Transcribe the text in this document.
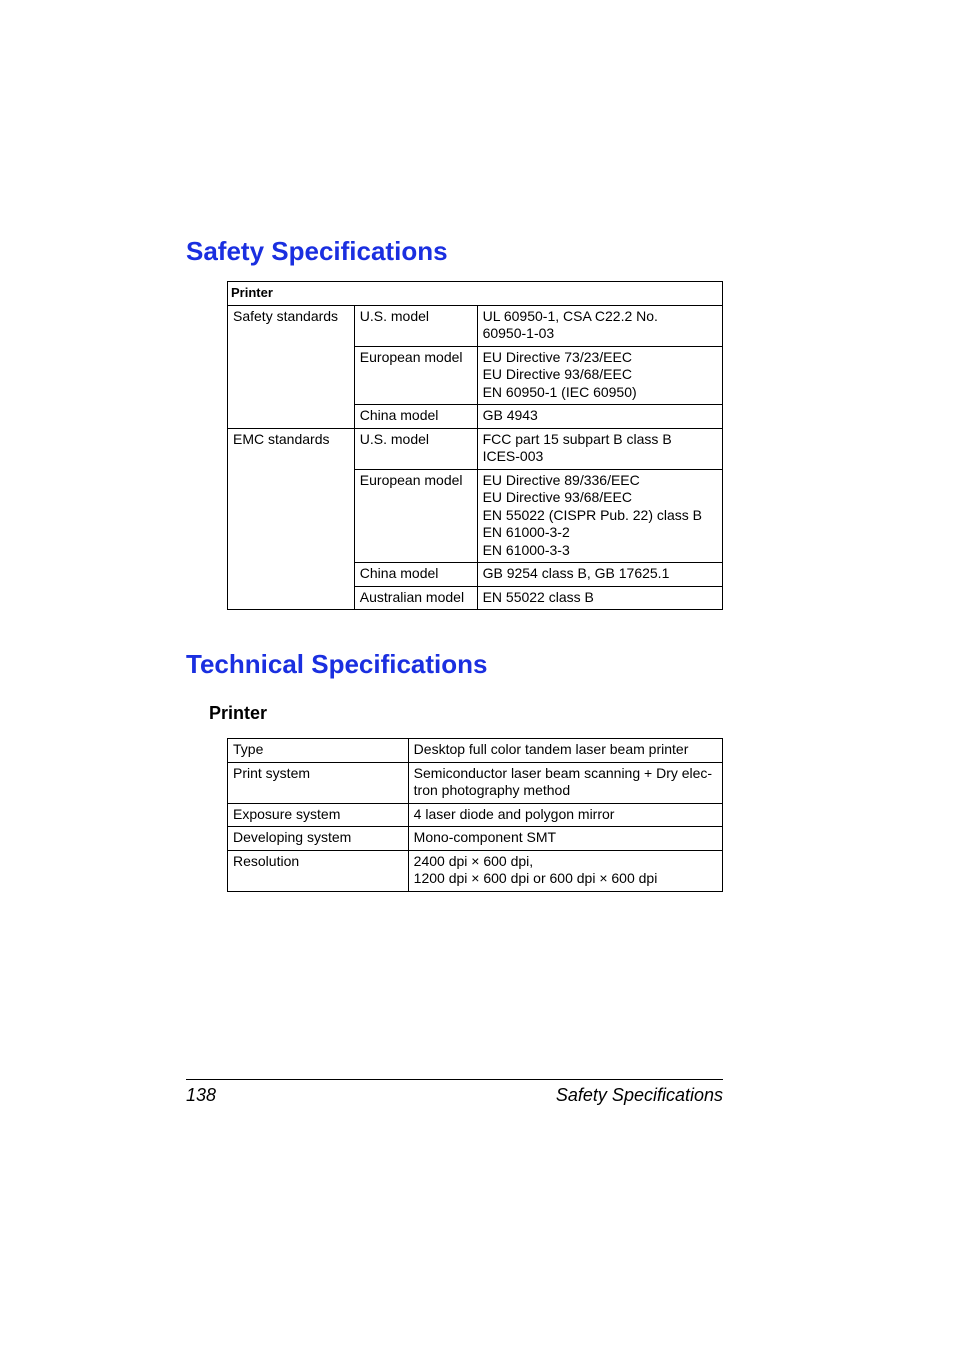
Safety Specifications
Printer		
Safety standards	U.S. model	UL 60950-1, CSA C22.2 No.
60950-1-03

	European model	EU Directive 73/23/EEC
EU Directive 93/68/EEC
EN 60950-1 (IEC 60950)

	China model	GB 4943

EMC standards	U.S. model	FCC part 15 subpart B class B
ICES-003

	European model	EU Directive 89/336/EEC
EU Directive 93/68/EEC
EN 55022 (CISPR Pub. 22) class B
EN 61000-3-2
EN 61000-3-3

	China model	GB 9254 class B, GB 17625.1

	Australian model	EN 55022 class B
Technical Specifications
Printer
Type	Desktop full color tandem laser beam printer

Print system	Semiconductor laser beam scanning + Dry elec-
tron photography method

Exposure system	4 laser diode and polygon mirror

Developing system	Mono-component SMT

Resolution	2400 dpi × 600 dpi,
1200 dpi × 600 dpi or 600 dpi × 600 dpi
138	Safety Specifications
